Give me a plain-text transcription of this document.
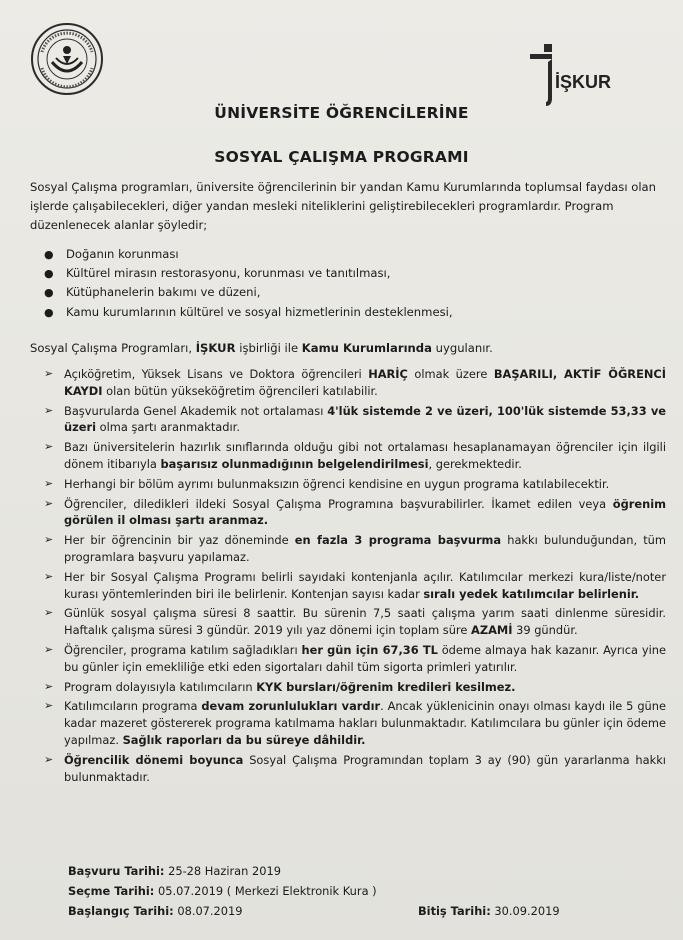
İŞKUR
ÜNİVERSİTE ÖĞRENCİLERİNE
SOSYAL ÇALIŞMA PROGRAMI
Sosyal Çalışma programları, üniversite öğrencilerinin bir yandan Kamu Kurumlarında toplumsal faydası olan işlerde çalışabilecekleri, diğer yandan mesleki niteliklerini geliştirebilecekleri programlardır. Program düzenlenecek alanlar şöyledir;
●	Doğanın korunması
●	Kültürel mirasın restorasyonu, korunması ve tanıtılması,
●	Kütüphanelerin bakımı ve düzeni,
●	Kamu kurumlarının kültürel ve sosyal hizmetlerinin desteklenmesi,
Sosyal Çalışma Programları, İŞKUR işbirliği ile Kamu Kurumlarında uygulanır.
➢ Açıköğretim, Yüksek Lisans ve Doktora öğrencileri HARİÇ olmak üzere BAŞARILI, AKTİF ÖĞRENCİ KAYDI olan bütün yükseköğretim öğrencileri katılabilir.
➢ Başvurularda Genel Akademik not ortalaması 4'lük sistemde 2 ve üzeri, 100'lük sistemde 53,33 ve üzeri olma şartı aranmaktadır.
➢ Bazı üniversitelerin hazırlık sınıflarında olduğu gibi not ortalaması hesaplanamayan öğrenciler için ilgili dönem itibarıyla başarısız olunmadığının belgelendirilmesi, gerekmektedir.
➢ Herhangi bir bölüm ayrımı bulunmaksızın öğrenci kendisine en uygun programa katılabilecektir.
➢ Öğrenciler, diledikleri ildeki Sosyal Çalışma Programına başvurabilirler. İkamet edilen veya öğrenim görülen il olması şartı aranmaz.
➢ Her bir öğrencinin bir yaz döneminde en fazla 3 programa başvurma hakkı bulunduğundan, tüm programlara başvuru yapılamaz.
➢ Her bir Sosyal Çalışma Programı belirli sayıdaki kontenjanla açılır. Katılımcılar merkezi kura/liste/noter kurası yöntemlerinden biri ile belirlenir. Kontenjan sayısı kadar sıralı yedek katılımcılar belirlenir.
➢ Günlük sosyal çalışma süresi 8 saattir. Bu sürenin 7,5 saati çalışma yarım saati dinlenme süresidir. Haftalık çalışma süresi 3 gündür. 2019 yılı yaz dönemi için toplam süre AZAMİ 39 gündür.
➢ Öğrenciler, programa katılım sağladıkları her gün için 67,36 TL ödeme almaya hak kazanır. Ayrıca yine bu günler için emekliliğe etki eden sigortaları dahil tüm sigorta primleri yatırılır.
➢ Program dolayısıyla katılımcıların KYK bursları/öğrenim kredileri kesilmez.
➢ Katılımcıların programa devam zorunlulukları vardır. Ancak yüklenicinin onayı olması kaydı ile 5 güne kadar mazeret göstererek programa katılmama hakları bulunmaktadır. Katılımcılara bu günler için ödeme yapılmaz. Sağlık raporları da bu süreye dâhildir.
➢ Öğrencilik dönemi boyunca Sosyal Çalışma Programından toplam 3 ay (90) gün yararlanma hakkı bulunmaktadır.
Başvuru Tarihi: 25-28 Haziran 2019
Seçme Tarihi: 05.07.2019 ( Merkezi Elektronik Kura )
Başlangıç Tarihi: 08.07.2019	Bitiş Tarihi: 30.09.2019
